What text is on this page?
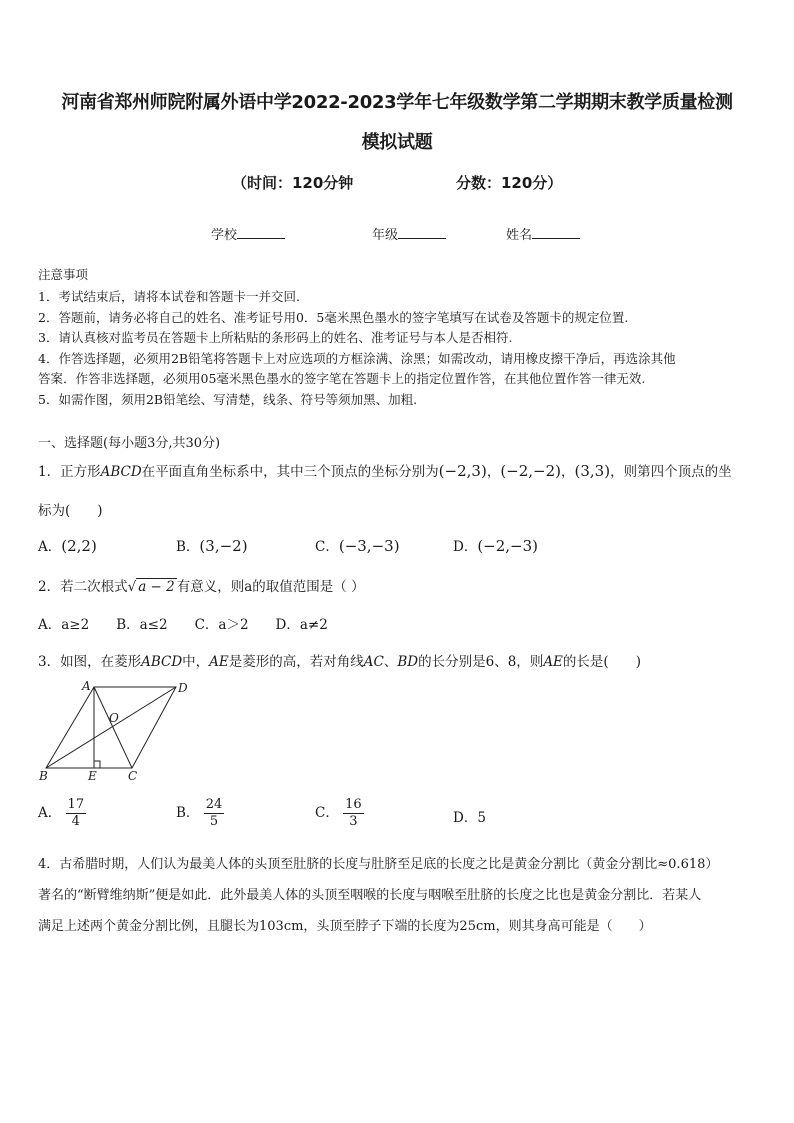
河南省郑州师院附属外语中学2022-2023学年七年级数学第二学期期末教学质量检测
模拟试题
（时间：120分钟	分数：120分）
学校	年级	姓名
注意事项
1．考试结束后，请将本试卷和答题卡一并交回.
2．答题前，请务必将自己的姓名、准考证号用0．5毫米黑色墨水的签字笔填写在试卷及答题卡的规定位置.
3．请认真核对监考员在答题卡上所粘贴的条形码上的姓名、准考证号与本人是否相符.
4．作答选择题，必须用2B铅笔将答题卡上对应选项的方框涂满、涂黑；如需改动，请用橡皮擦干净后，再选涂其他
答案．作答非选择题，必须用05毫米黑色墨水的签字笔在答题卡上的指定位置作答，在其他位置作答一律无效.
5．如需作图，须用2B铅笔绘、写清楚，线条、符号等须加黑、加粗.
一、选择题(每小题3分,共30分)
1．正方形ABCD在平面直角坐标系中，其中三个顶点的坐标分别为(−2,3)，(−2,−2)，(3,3)，则第四个顶点的坐
标为(　　)
A．(2,2)	B．(3,−2)	C．(−3,−3)	D．(−2,−3)
2．若二次根式√ a − 2 有意义，则a的取值范围是（ ）
A．a≥2　　B．a≤2　　C．a＞2　　D．a≠2
3．如图，在菱形ABCD中，AE是菱形的高，若对角线AC、BD的长分别是6、8，则AE的长是(　　)
A	D
B	C
E
O
A． $\frac{17}{4}$	B． $\frac{24}{5}$	C． $\frac{16}{3}$	D．5
4．古希腊时期，人们认为最美人体的头顶至肚脐的长度与肚脐至足底的长度之比是黄金分割比（黄金分割比≈0.618）
著名的“断臂维纳斯”便是如此．此外最美人体的头顶至咽喉的长度与咽喉至肚脐的长度之比也是黄金分割比．若某人
满足上述两个黄金分割比例，且腿长为103cm，头顶至脖子下端的长度为25cm，则其身高可能是（　　）
